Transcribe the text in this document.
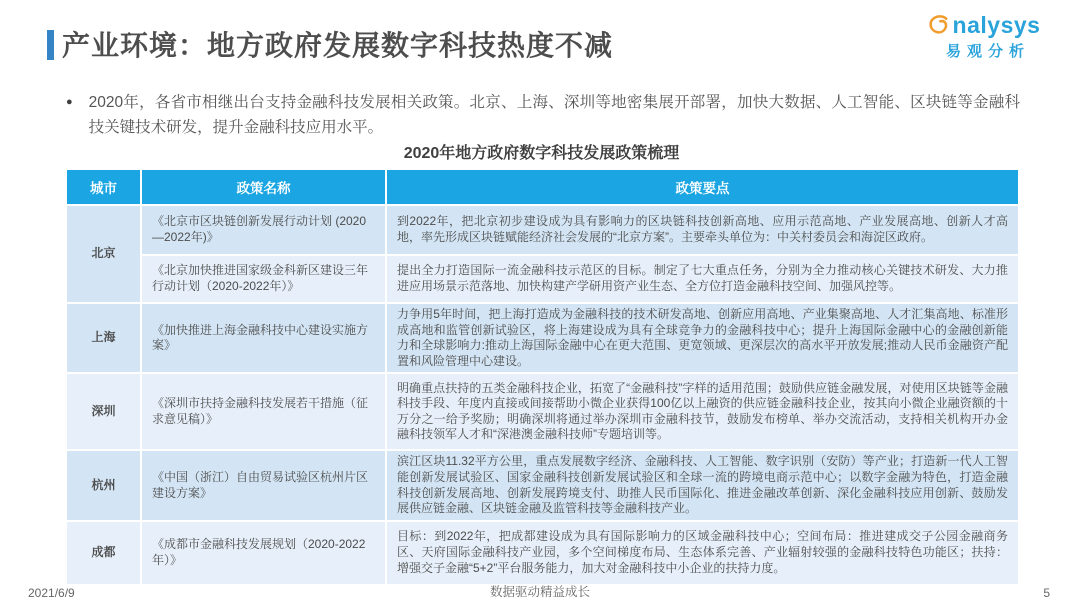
产业环境：地方政府发展数字科技热度不减
nalysys
易观分析
● 2020年，各省市相继出台支持金融科技发展相关政策。北京、上海、深圳等地密集展开部署，加快大数据、人工智能、区块链等金融科技关键技术研发，提升金融科技应用水平。

2020年地方政府数字科技发展政策梳理
城市	政策名称	政策要点
北京	《北京市区块链创新发展行动计划 (2020—2022年)》	到2022年，把北京初步建设成为具有影响力的区块链科技创新高地、应用示范高地、产业发展高地、创新人才高地，率先形成区块链赋能经济社会发展的“北京方案”。主要牵头单位为：中关村委员会和海淀区政府。
	《北京加快推进国家级金科新区建设三年行动计划（2020-2022年）》	提出全力打造国际一流金融科技示范区的目标。制定了七大重点任务，分别为全力推动核心关键技术研发、大力推进应用场景示范落地、加快构建产学研用资产业生态、全方位打造金融科技空间、加强风控等。
上海	《加快推进上海金融科技中心建设实施方案》	力争用5年时间，把上海打造成为金融科技的技术研发高地、创新应用高地、产业集聚高地、人才汇集高地、标准形成高地和监管创新试验区，将上海建设成为具有全球竞争力的金融科技中心；提升上海国际金融中心的金融创新能力和全球影响力:推动上海国际金融中心在更大范围、更宽领域、更深层次的高水平开放发展;推动人民币金融资产配置和风险管理中心建设。
深圳	《深圳市扶持金融科技发展若干措施（征求意见稿）》	明确重点扶持的五类金融科技企业，拓宽了“金融科技”字样的适用范围；鼓励供应链金融发展，对使用区块链等金融科技手段、年度内直接或间接帮助小微企业获得100亿以上融资的供应链金融科技企业，按其向小微企业融资额的十万分之一给予奖励；明确深圳将通过举办深圳市金融科技节，鼓励发布榜单、举办交流活动，支持相关机构开办金融科技领军人才和“深港澳金融科技师”专题培训等。
杭州	《中国（浙江）自由贸易试验区杭州片区建设方案》	滨江区块11.32平方公里，重点发展数字经济、金融科技、人工智能、数字识别（安防）等产业；打造新一代人工智能创新发展试验区、国家金融科技创新发展试验区和全球一流的跨境电商示范中心；以数字金融为特色，打造金融科技创新发展高地、创新发展跨境支付、助推人民币国际化、推进金融改革创新、深化金融科技应用创新、鼓励发展供应链金融、区块链金融及监管科技等金融科技产业。
成都	《成都市金融科技发展规划（2020-2022年）》	目标：到2022年，把成都建设成为具有国际影响力的区域金融科技中心；空间布局：推进建成交子公园金融商务区、天府国际金融科技产业园，多个空间梯度布局、生态体系完善、产业辐射较强的金融科技特色功能区；扶持：增强交子金融“5+2”平台服务能力，加大对金融科技中小企业的扶持力度。
2021/6/9	数据驱动精益成长	5
